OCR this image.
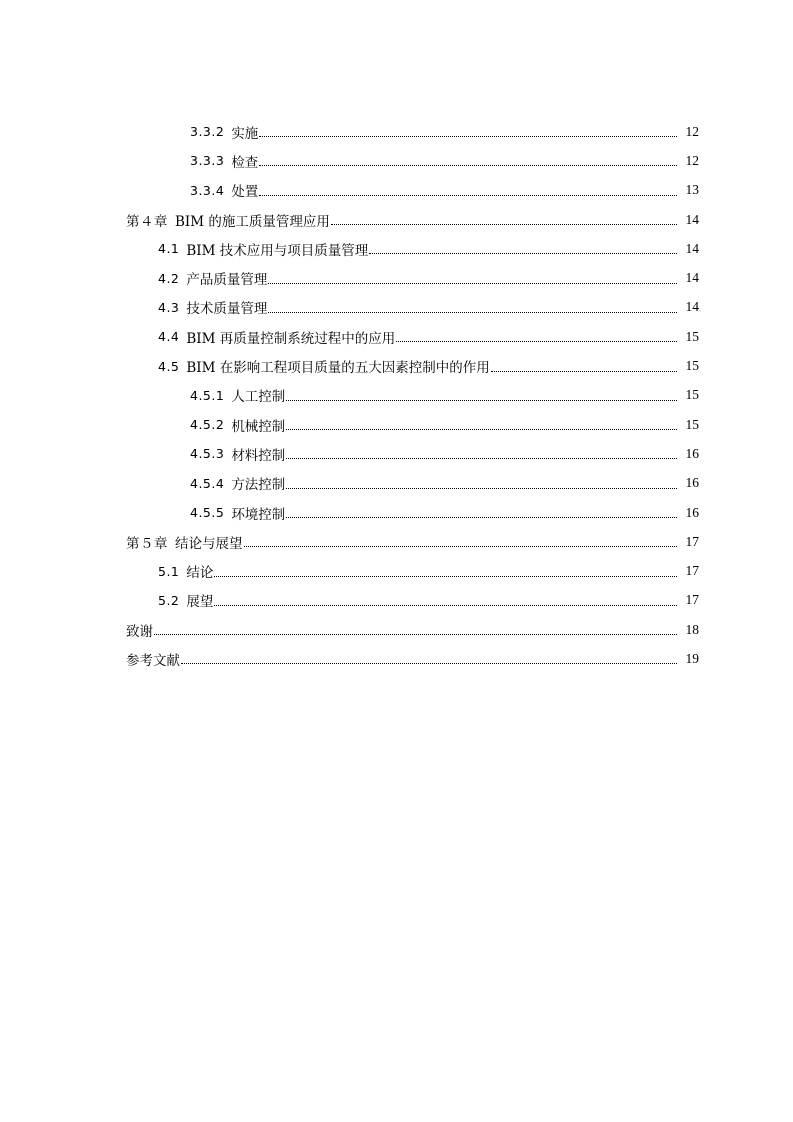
3.3.2 实施	12
3.3.3 检查	12
3.3.4 处置	13
第４章 BIM 的施工质量管理应用	14
4.1 BIM 技术应用与项目质量管理	14
4.2 产品质量管理	14
4.3 技术质量管理	14
4.4 BIM 再质量控制系统过程中的应用	15
4.5 BIM 在影响工程项目质量的五大因素控制中的作用	15
4.5.1 人工控制	15
4.5.2 机械控制	15
4.5.3 材料控制	16
4.5.4 方法控制	16
4.5.5 环境控制	16
第５章 结论与展望	17
5.1 结论	17
5.2 展望	17
致谢	18
参考文献	19
